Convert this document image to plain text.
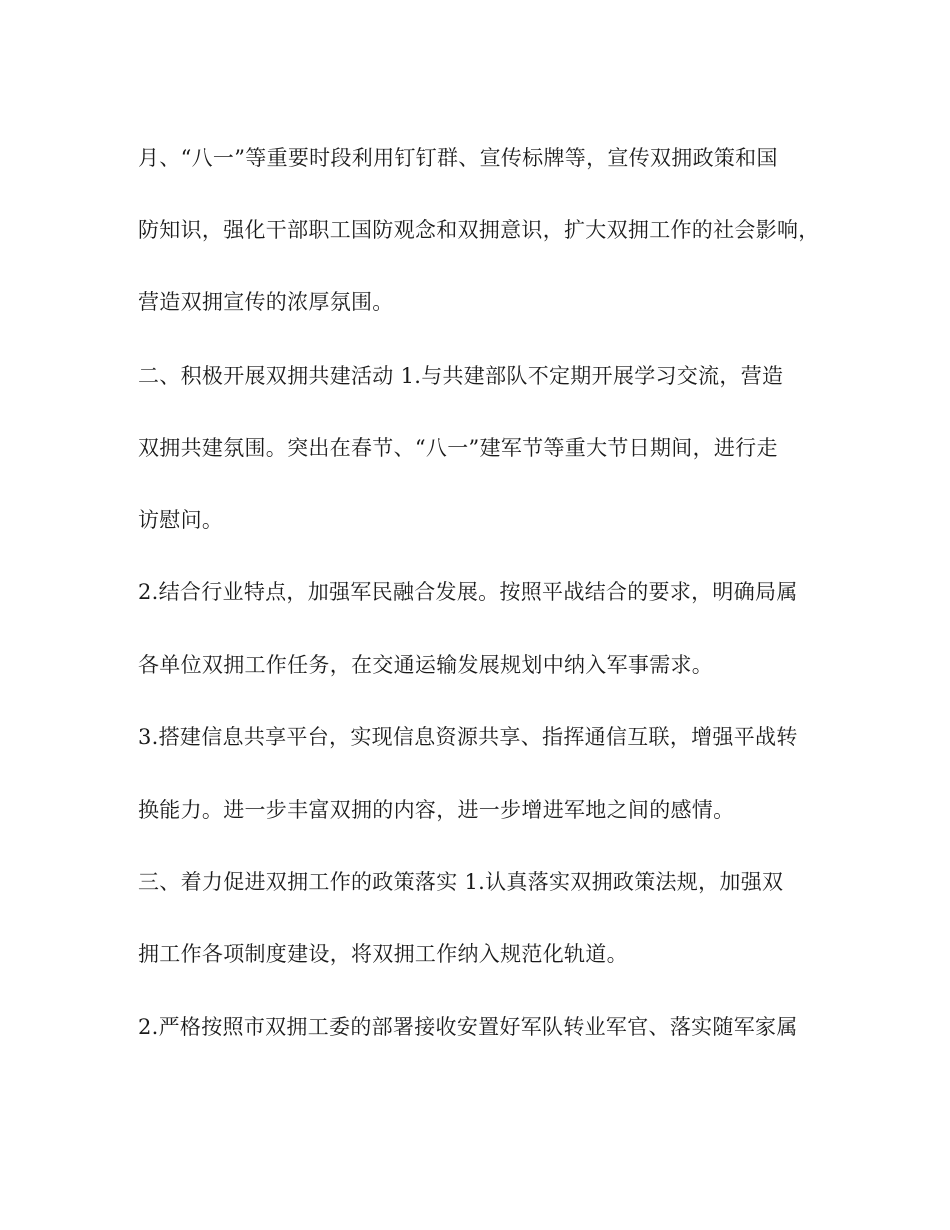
月、“八一”等重要时段利用钉钉群、宣传标牌等，宣传双拥政策和国
防知识，强化干部职工国防观念和双拥意识，扩大双拥工作的社会影响，
营造双拥宣传的浓厚氛围。
二、积极开展双拥共建活动 1.与共建部队不定期开展学习交流，营造
双拥共建氛围。突出在春节、“八一”建军节等重大节日期间，进行走
访慰问。
2.结合行业特点，加强军民融合发展。按照平战结合的要求，明确局属
各单位双拥工作任务，在交通运输发展规划中纳入军事需求。
3.搭建信息共享平台，实现信息资源共享、指挥通信互联，增强平战转
换能力。进一步丰富双拥的内容，进一步增进军地之间的感情。
三、着力促进双拥工作的政策落实 1.认真落实双拥政策法规，加强双
拥工作各项制度建设，将双拥工作纳入规范化轨道。
2.严格按照市双拥工委的部署接收安置好军队转业军官、落实随军家属
